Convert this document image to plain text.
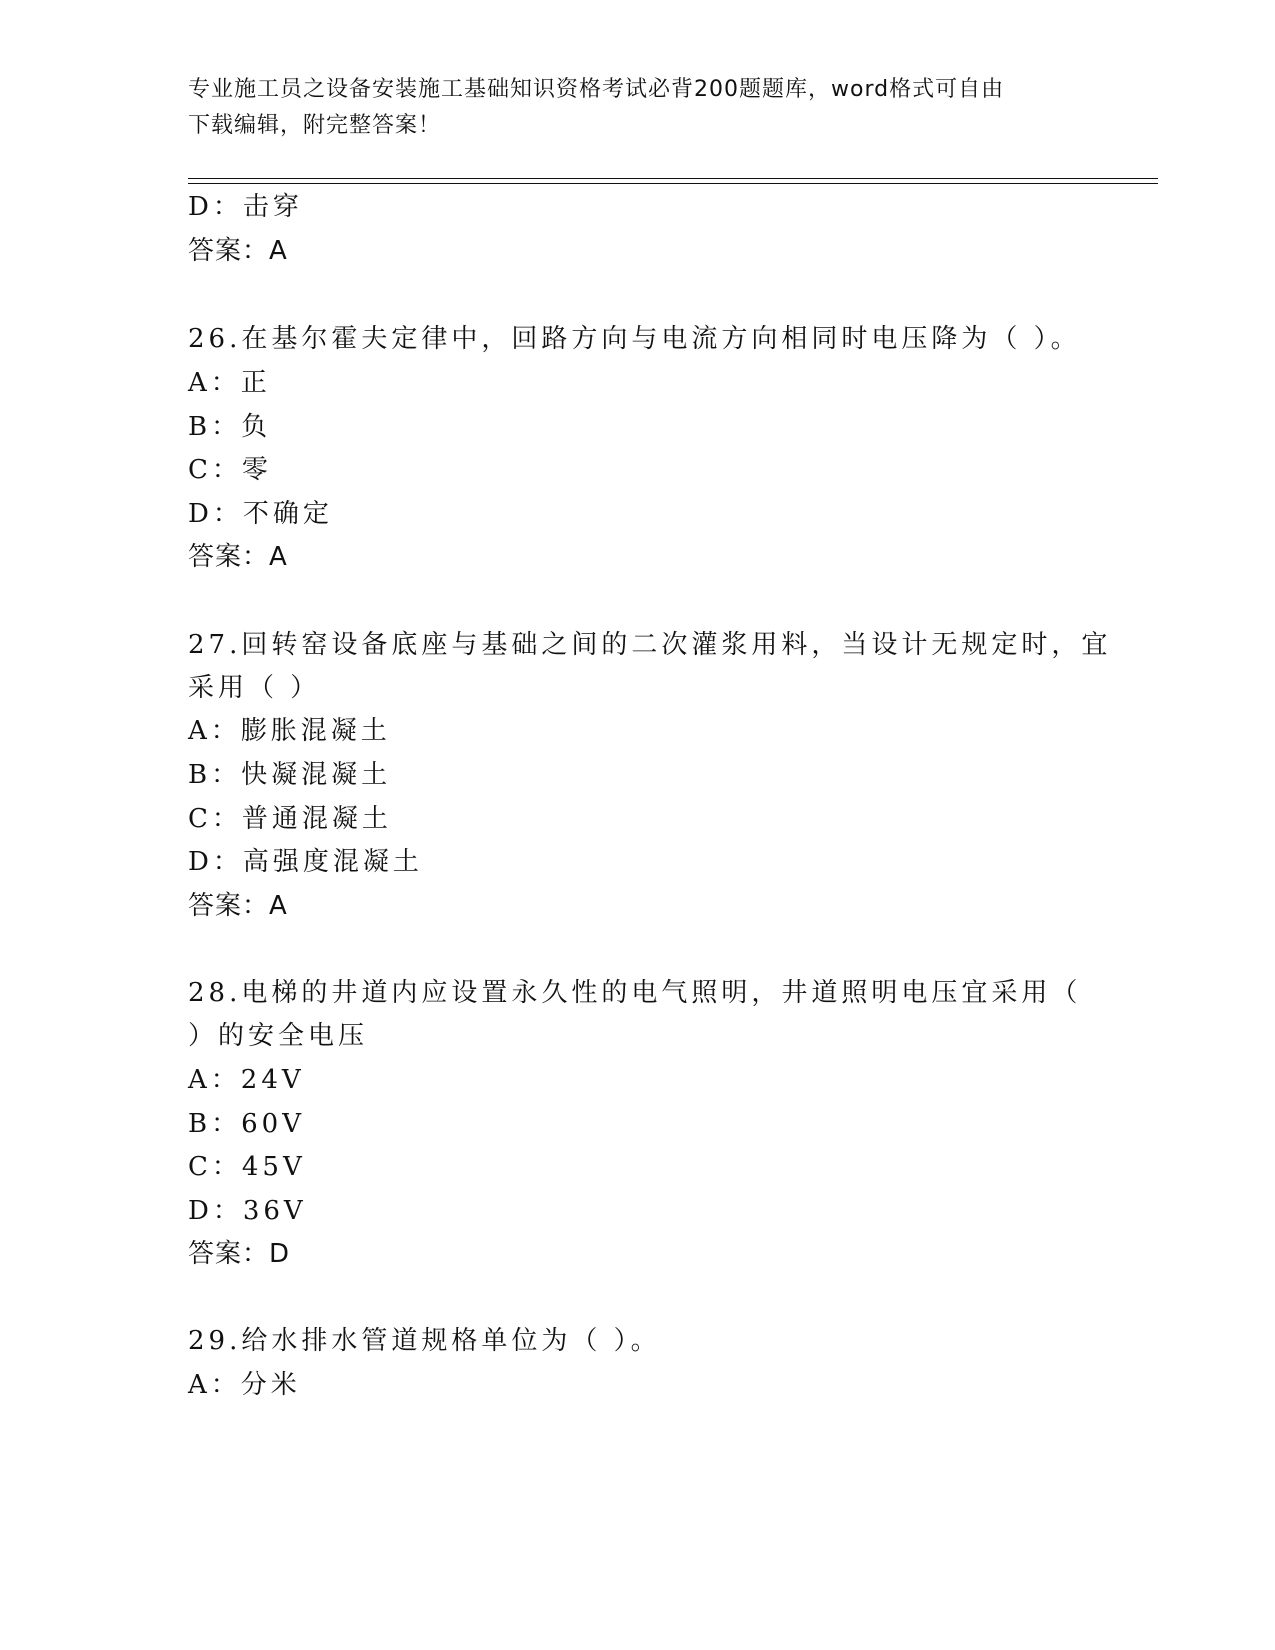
专业施工员之设备安装施工基础知识资格考试必背200题题库，word格式可自由
下载编辑，附完整答案！
D：击穿
答案：A
26.在基尔霍夫定律中，回路方向与电流方向相同时电压降为（ ）。
A：正
B：负
C：零
D：不确定
答案：A
27.回转窑设备底座与基础之间的二次灌浆用料，当设计无规定时，宜
采用（ ）
A：膨胀混凝土
B：快凝混凝土
C：普通混凝土
D：高强度混凝土
答案：A
28.电梯的井道内应设置永久性的电气照明，井道照明电压宜采用（
）的安全电压
A：24V
B：60V
C：45V
D：36V
答案：D
29.给水排水管道规格单位为（ ）。
A：分米
